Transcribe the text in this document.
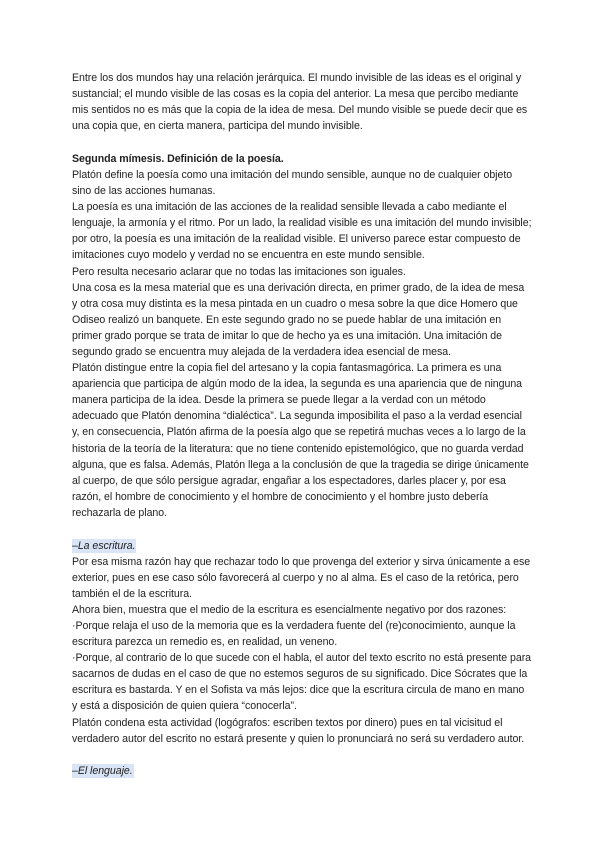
Entre los dos mundos hay una relación jerárquica. El mundo invisible de las ideas es el original y sustancial; el mundo visible de las cosas es la copia del anterior. La mesa que percibo mediante mis sentidos no es más que la copia de la idea de mesa. Del mundo visible se puede decir que es una copia que, en cierta manera, participa del mundo invisible.

Segunda mímesis. Definición de la poesía.

Platón define la poesía como una imitación del mundo sensible, aunque no de cualquier objeto sino de las acciones humanas.

La poesía es una imitación de las acciones de la realidad sensible llevada a cabo mediante el lenguaje, la armonía y el ritmo. Por un lado, la realidad visible es una imitación del mundo invisible; por otro, la poesía es una imitación de la realidad visible. El universo parece estar compuesto de imitaciones cuyo modelo y verdad no se encuentra en este mundo sensible.

Pero resulta necesario aclarar que no todas las imitaciones son iguales.

Una cosa es la mesa material que es una derivación directa, en primer grado, de la idea de mesa y otra cosa muy distinta es la mesa pintada en un cuadro o mesa sobre la que dice Homero que Odiseo realizó un banquete. En este segundo grado no se puede hablar de una imitación en primer grado porque se trata de imitar lo que de hecho ya es una imitación. Una imitación de segundo grado se encuentra muy alejada de la verdadera idea esencial de mesa.

Platón distingue entre la copia fiel del artesano y la copia fantasmagórica. La primera es una apariencia que participa de algún modo de la idea, la segunda es una apariencia que de ninguna manera participa de la idea. Desde la primera se puede llegar a la verdad con un método adecuado que Platón denomina “dialéctica”. La segunda imposibilita el paso a la verdad esencial y, en consecuencia, Platón afirma de la poesía algo que se repetirá muchas veces a lo largo de la historia de la teoría de la literatura: que no tiene contenido epistemológico, que no guarda verdad alguna, que es falsa. Además, Platón llega a la conclusión de que la tragedia se dirige únicamente al cuerpo, de que sólo persigue agradar, engañar a los espectadores, darles placer y, por esa razón, el hombre de conocimiento y el hombre de conocimiento y el hombre justo debería rechazarla de plano.

–La escritura.

Por esa misma razón hay que rechazar todo lo que provenga del exterior y sirva únicamente a ese exterior, pues en ese caso sólo favorecerá al cuerpo y no al alma. Es el caso de la retórica, pero también el de la escritura.

Ahora bien, muestra que el medio de la escritura es esencialmente negativo por dos razones:

·Porque relaja el uso de la memoria que es la verdadera fuente del (re)conocimiento, aunque la escritura parezca un remedio es, en realidad, un veneno.

·Porque, al contrario de lo que sucede con el habla, el autor del texto escrito no está presente para sacarnos de dudas en el caso de que no estemos seguros de su significado. Dice Sócrates que la escritura es bastarda. Y en el Sofista va más lejos: dice que la escritura circula de mano en mano y está a disposición de quien quiera “conocerla”.

Platón condena esta actividad (logógrafos: escriben textos por dinero) pues en tal vicisitud el verdadero autor del escrito no estará presente y quien lo pronunciará no será su verdadero autor.

–El lenguaje.
